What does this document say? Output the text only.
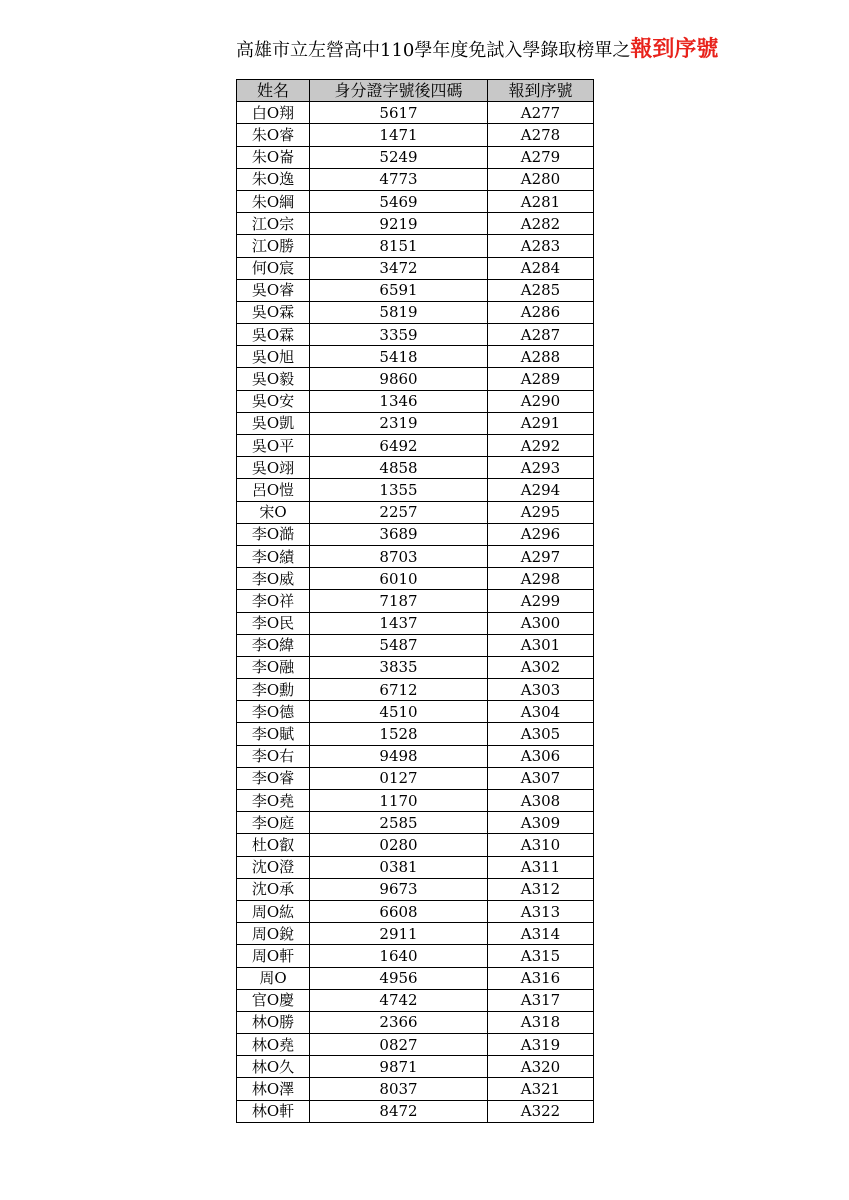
高雄市立左營高中110學年度免試入學錄取榜單之報到序號
姓名	身分證字號後四碼	報到序號
白O翔	5617	A277
朱O睿	1471	A278
朱O崙	5249	A279
朱O逸	4773	A280
朱O綱	5469	A281
江O宗	9219	A282
江O勝	8151	A283
何O宸	3472	A284
吳O睿	6591	A285
吳O霖	5819	A286
吳O霖	3359	A287
吳O旭	5418	A288
吳O毅	9860	A289
吳O安	1346	A290
吳O凱	2319	A291
吳O平	6492	A292
吳O翊	4858	A293
呂O愷	1355	A294
宋O	2257	A295
李O澔	3689	A296
李O績	8703	A297
李O威	6010	A298
李O祥	7187	A299
李O民	1437	A300
李O緯	5487	A301
李O融	3835	A302
李O勳	6712	A303
李O德	4510	A304
李O賦	1528	A305
李O右	9498	A306
李O睿	0127	A307
李O堯	1170	A308
李O庭	2585	A309
杜O叡	0280	A310
沈O澄	0381	A311
沈O承	9673	A312
周O紘	6608	A313
周O銳	2911	A314
周O軒	1640	A315
周O	4956	A316
官O慶	4742	A317
林O勝	2366	A318
林O堯	0827	A319
林O久	9871	A320
林O澤	8037	A321
林O軒	8472	A322
